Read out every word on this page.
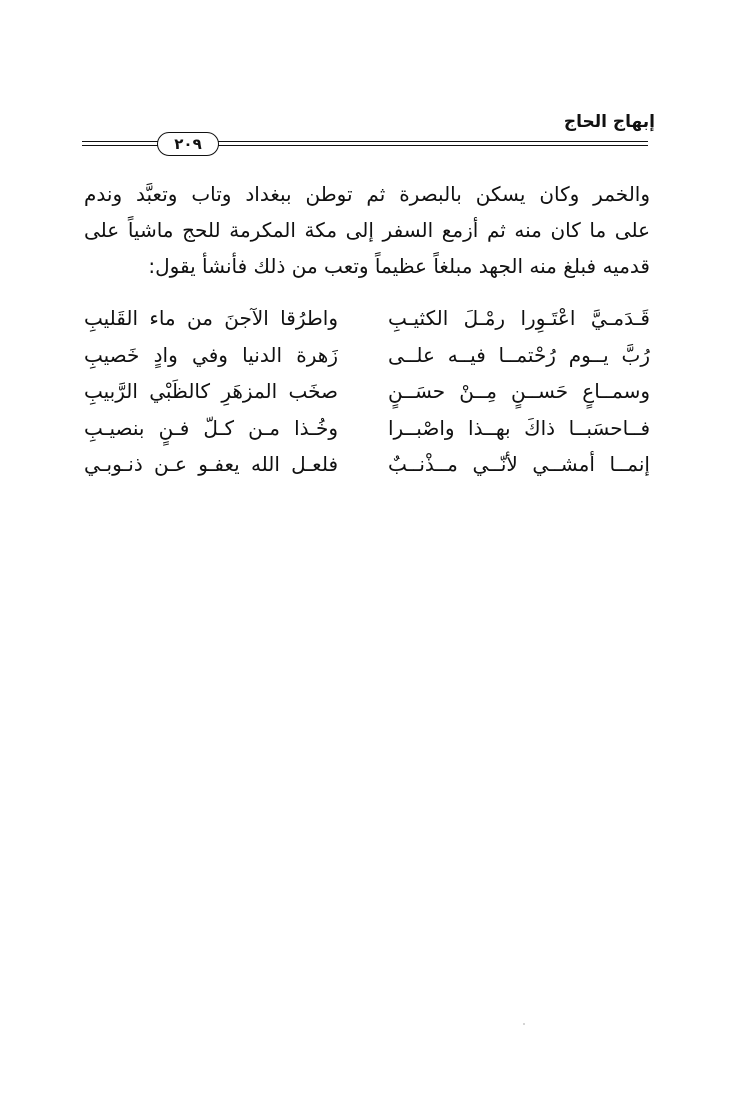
إبهاج الحاج
٢٠٩

والخمر وكان يسكن بالبصرة ثم توطن ببغداد وتاب وتعبَّد وندم
على ما كان منه ثم أزمع السفر إلى مكة المكرمة للحج ماشياً على
قدميه فبلغ منه الجهد مبلغاً عظيماً وتعب من ذلك فأنشأ يقول:

قَـدَمـيَّ اعْتَـوِرا رمْـلَ الكثيـبِ
واطرُقا الآجنَ من ماء القَليبِ
رُبَّ يــوم رُحْتمــا فيــه علــى
زَهرة الدنيا وفي وادٍ خَصيبِ
وسمــاعٍ حَســنٍ مِــنْ حسَــنٍ
صخَب المزهَرِ كالظَبْي الرَّبيبِ
فــاحسَبــا ذاكَ بهــذا واصْبــرا
وخُـذا مـن كـلّ فـنٍ بنصيـبِ
إنمــا أمشــي لأنّــي مــذْنــبٌ
فلعـل الله يعفـو عـن ذنـوبـي
